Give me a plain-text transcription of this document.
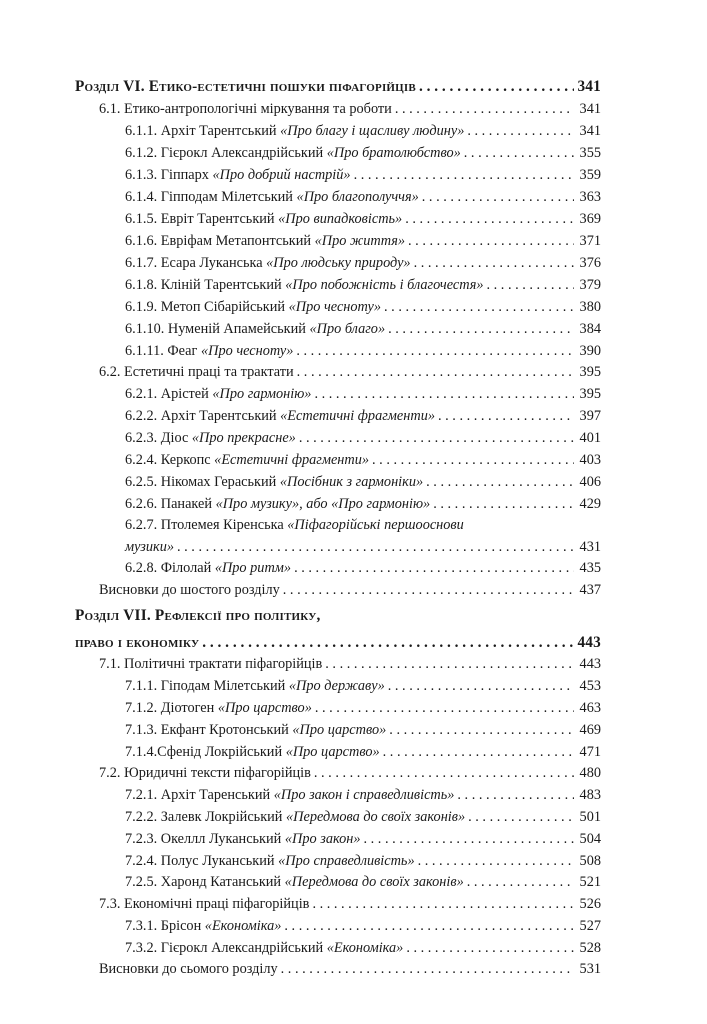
Розділ VI. Етико-естетичні пошуки піфагорійців . . .	341
6.1. Етико-антропологічні міркування та роботи . . .	341
6.1.1. Архіт Тарентський «Про благу і щасливу людину» . . .	341
6.1.2. Гієрокл Александрійський «Про братолюбство» . . .	355
6.1.3. Гіппарх «Про добрий настрій» . . .	359
6.1.4. Гіпподам Мілетський «Про благополуччя» . . .	363
6.1.5. Евріт Тарентський «Про випадковість» . . .	369
6.1.6. Евріфам Метапонтський «Про життя» . . .	371
6.1.7. Есара Луканська «Про людську природу» . . .	376
6.1.8. Кліній Тарентський «Про побожність і благочестя» . . .	379
6.1.9. Метоп Сібарійський «Про чесноту» . . .	380
6.1.10. Нуменій Апамейський «Про благо» . . .	384
6.1.11. Феаг «Про чесноту» . . .	390
6.2. Естетичні праці та трактати . . .	395
6.2.1. Арістей «Про гармонію» . . .	395
6.2.2. Архіт Тарентський «Естетичні фрагменти» . . .	397
6.2.3. Діос «Про прекрасне» . . .	401
6.2.4. Керкопс «Естетичні фрагменти» . . .	403
6.2.5. Нікомах Гераський «Посібник з гармоніки» . . .	406
6.2.6. Панакей «Про музику», або «Про гармонію» . . .	429
6.2.7. Птолемея Кіренська «Піфагорійські першооснови
музики» . . .	431
6.2.8. Філолай «Про ритм» . . .	435
Висновки до шостого розділу . . .	437
Розділ VII. Рефлексії про політику,
право і економіку . . .	443
7.1. Політичні трактати піфагорійців . . .	443
7.1.1. Гіподам Мілетський «Про державу» . . .	453
7.1.2. Діотоген «Про царство» . . .	463
7.1.3. Екфант Кротонський «Про царство» . . .	469
7.1.4.Сфенід Локрійський «Про царство» . . .	471
7.2. Юридичні тексти піфагорійців . . .	480
7.2.1. Архіт Таренський «Про закон і справедливість» . . .	483
7.2.2. Залевк Локрійський «Передмова до своїх законів» . . .	501
7.2.3. Океллл Луканський «Про закон» . . .	504
7.2.4. Полус Луканський «Про справедливість» . . .	508
7.2.5. Харонд Катанський «Передмова до своїх законів» . . .	521
7.3. Економічні праці піфагорійців . . .	526
7.3.1. Брісон «Економіка» . . .	527
7.3.2. Гієрокл Александрійський «Економіка» . . .	528
Висновки до сьомого розділу . . .	531
